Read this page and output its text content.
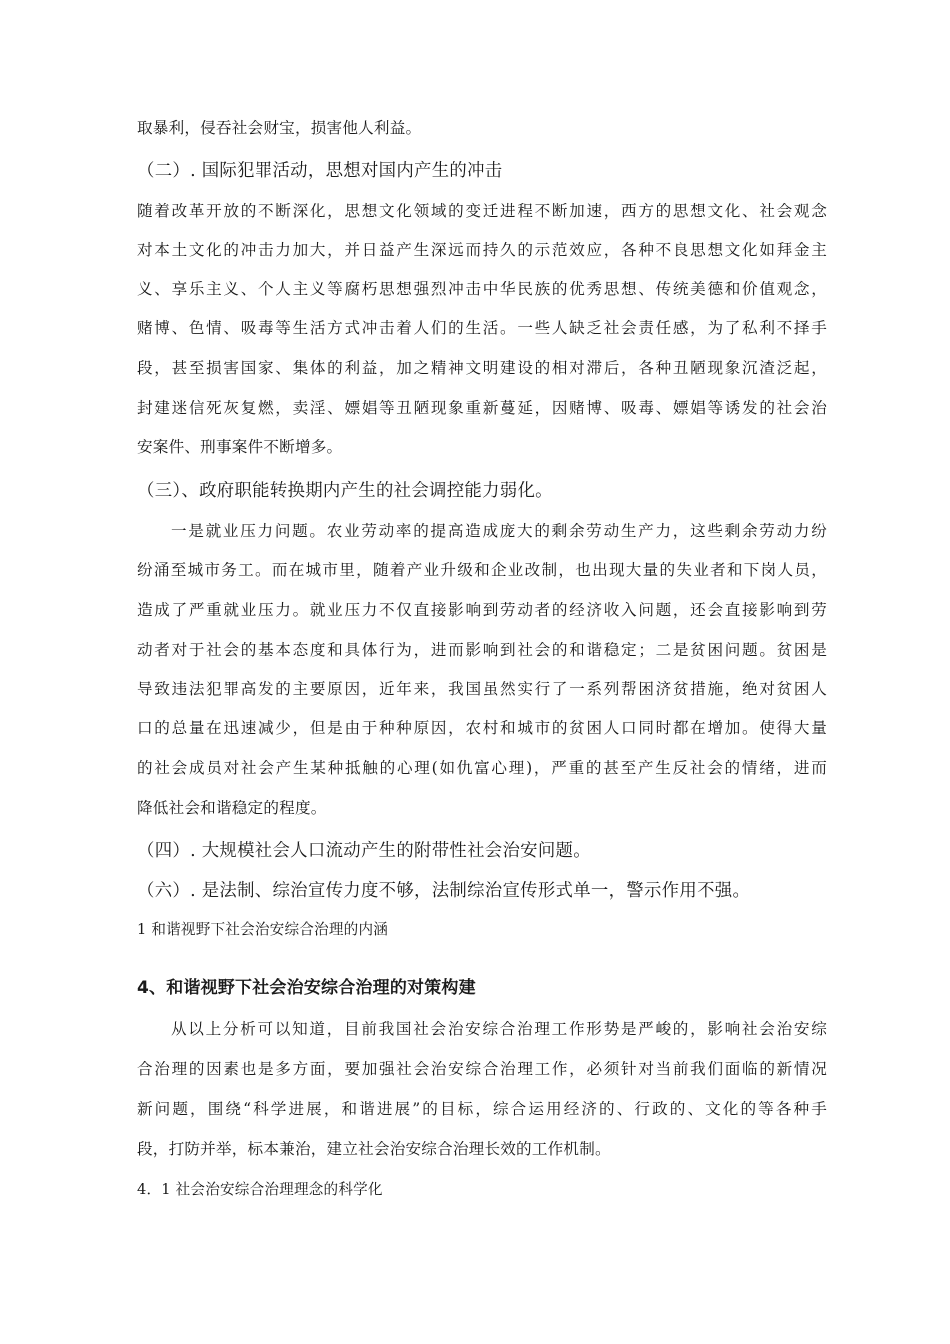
取暴利，侵吞社会财宝，损害他人利益。
（二）. 国际犯罪活动，思想对国内产生的冲击
随着改革开放的不断深化，思想文化领域的变迁进程不断加速，西方的思想文化、社会观念
对本土文化的冲击力加大，并日益产生深远而持久的示范效应，各种不良思想文化如拜金主
义、享乐主义、个人主义等腐朽思想强烈冲击中华民族的优秀思想、传统美德和价值观念，
赌博、色情、吸毒等生活方式冲击着人们的生活。一些人缺乏社会责任感，为了私利不择手
段，甚至损害国家、集体的利益，加之精神文明建设的相对滞后，各种丑陋现象沉渣泛起，
封建迷信死灰复燃，卖淫、嫖娼等丑陋现象重新蔓延，因赌博、吸毒、嫖娼等诱发的社会治
安案件、刑事案件不断增多。
（三）、政府职能转换期内产生的社会调控能力弱化。
一是就业压力问题。农业劳动率的提高造成庞大的剩余劳动生产力，这些剩余劳动力纷
纷涌至城市务工。而在城市里，随着产业升级和企业改制，也出现大量的失业者和下岗人员，
造成了严重就业压力。就业压力不仅直接影响到劳动者的经济收入问题，还会直接影响到劳
动者对于社会的基本态度和具体行为，进而影响到社会的和谐稳定；二是贫困问题。贫困是
导致违法犯罪高发的主要原因，近年来，我国虽然实行了一系列帮困济贫措施，绝对贫困人
口的总量在迅速减少，但是由于种种原因，农村和城市的贫困人口同时都在增加。使得大量
的社会成员对社会产生某种抵触的心理(如仇富心理)，严重的甚至产生反社会的情绪，进而
降低社会和谐稳定的程度。
（四）. 大规模社会人口流动产生的附带性社会治安问题。
（六）. 是法制、综治宣传力度不够，法制综治宣传形式单一，警示作用不强。
1 和谐视野下社会治安综合治理的内涵
4、和谐视野下社会治安综合治理的对策构建
从以上分析可以知道，目前我国社会治安综合治理工作形势是严峻的，影响社会治安综
合治理的因素也是多方面，要加强社会治安综合治理工作，必须针对当前我们面临的新情况
新问题，围绕“科学进展，和谐进展”的目标，综合运用经济的、行政的、文化的等各种手
段，打防并举，标本兼治，建立社会治安综合治理长效的工作机制。
4．1 社会治安综合治理理念的科学化
